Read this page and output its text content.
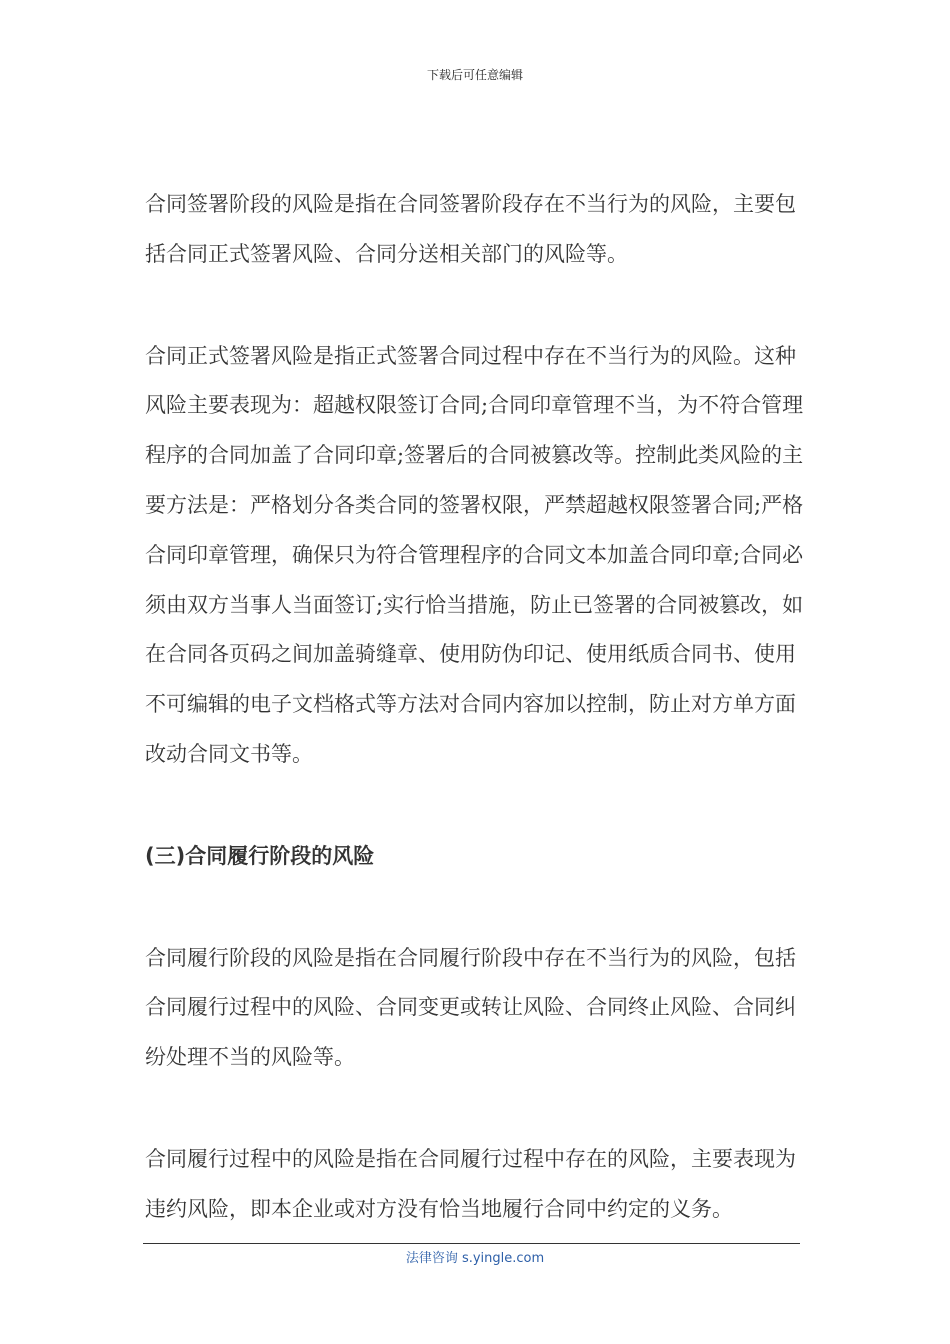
下载后可任意编辑

合同签署阶段的风险是指在合同签署阶段存在不当行为的风险，主要包括合同正式签署风险、合同分送相关部门的风险等。

合同正式签署风险是指正式签署合同过程中存在不当行为的风险。这种风险主要表现为：超越权限签订合同;合同印章管理不当，为不符合管理程序的合同加盖了合同印章;签署后的合同被篡改等。控制此类风险的主要方法是：严格划分各类合同的签署权限，严禁超越权限签署合同;严格合同印章管理，确保只为符合管理程序的合同文本加盖合同印章;合同必须由双方当事人当面签订;实行恰当措施，防止已签署的合同被篡改，如在合同各页码之间加盖骑缝章、使用防伪印记、使用纸质合同书、使用不可编辑的电子文档格式等方法对合同内容加以控制，防止对方单方面改动合同文书等。

(三)合同履行阶段的风险

合同履行阶段的风险是指在合同履行阶段中存在不当行为的风险，包括合同履行过程中的风险、合同变更或转让风险、合同终止风险、合同纠纷处理不当的风险等。

合同履行过程中的风险是指在合同履行过程中存在的风险，主要表现为违约风险，即本企业或对方没有恰当地履行合同中约定的义务。

法律咨询 s.yingle.com
